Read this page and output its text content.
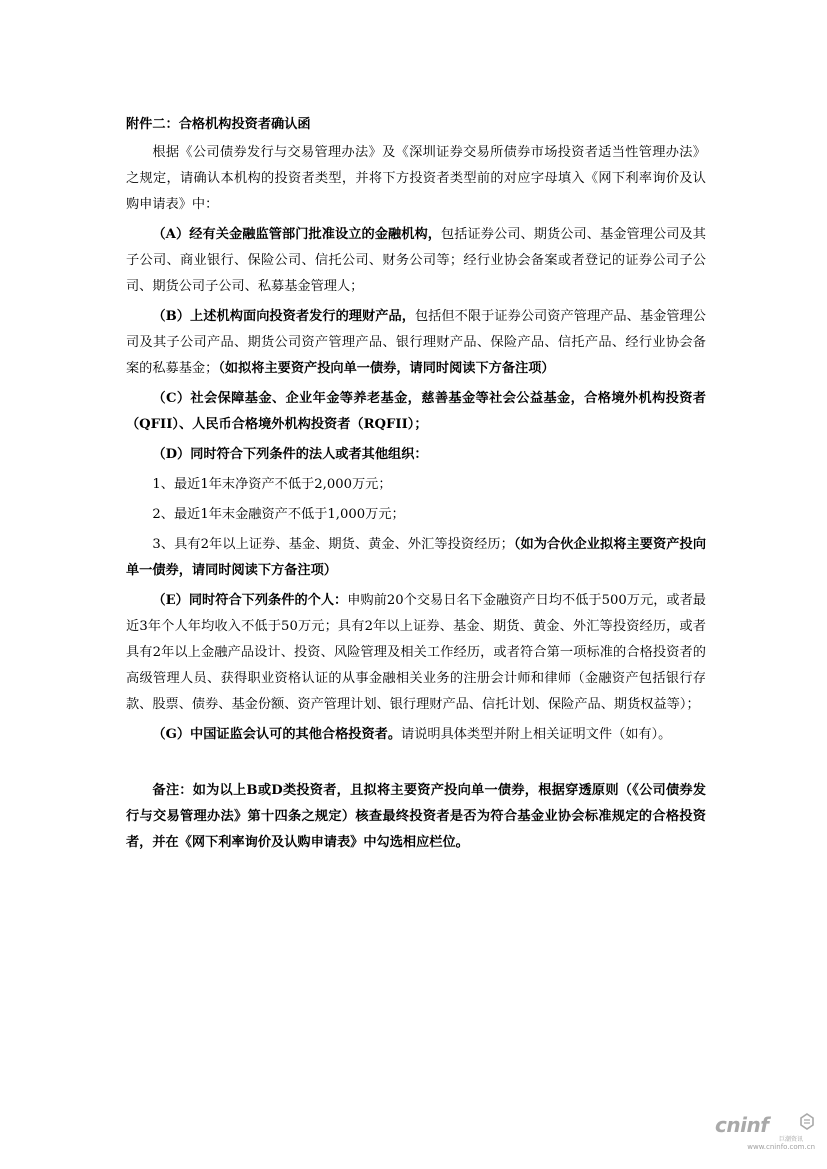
附件二：合格机构投资者确认函

根据《公司债券发行与交易管理办法》及《深圳证券交易所债券市场投资者适当性管理办法》之规定，请确认本机构的投资者类型，并将下方投资者类型前的对应字母填入《网下利率询价及认购申请表》中：

（A）经有关金融监管部门批准设立的金融机构，包括证券公司、期货公司、基金管理公司及其子公司、商业银行、保险公司、信托公司、财务公司等；经行业协会备案或者登记的证券公司子公司、期货公司子公司、私募基金管理人；

（B）上述机构面向投资者发行的理财产品，包括但不限于证券公司资产管理产品、基金管理公司及其子公司产品、期货公司资产管理产品、银行理财产品、保险产品、信托产品、经行业协会备案的私募基金；（如拟将主要资产投向单一债券，请同时阅读下方备注项）

（C）社会保障基金、企业年金等养老基金，慈善基金等社会公益基金，合格境外机构投资者（QFII）、人民币合格境外机构投资者（RQFII）；

（D）同时符合下列条件的法人或者其他组织：

1、最近1年末净资产不低于2,000万元；

2、最近1年末金融资产不低于1,000万元；

3、具有2年以上证券、基金、期货、黄金、外汇等投资经历；（如为合伙企业拟将主要资产投向单一债券，请同时阅读下方备注项）

（E）同时符合下列条件的个人：申购前20个交易日名下金融资产日均不低于500万元，或者最近3年个人年均收入不低于50万元；具有2年以上证券、基金、期货、黄金、外汇等投资经历，或者具有2年以上金融产品设计、投资、风险管理及相关工作经历，或者符合第一项标准的合格投资者的高级管理人员、获得职业资格认证的从事金融相关业务的注册会计师和律师（金融资产包括银行存款、股票、债券、基金份额、资产管理计划、银行理财产品、信托计划、保险产品、期货权益等）；

（G）中国证监会认可的其他合格投资者。请说明具体类型并附上相关证明文件（如有）。

备注：如为以上B或D类投资者，且拟将主要资产投向单一债券，根据穿透原则（《公司债券发行与交易管理办法》第十四条之规定）核查最终投资者是否为符合基金业协会标准规定的合格投资者，并在《网下利率询价及认购申请表》中勾选相应栏位。

cninf
巨潮资讯
www.cninfo.com.cn
